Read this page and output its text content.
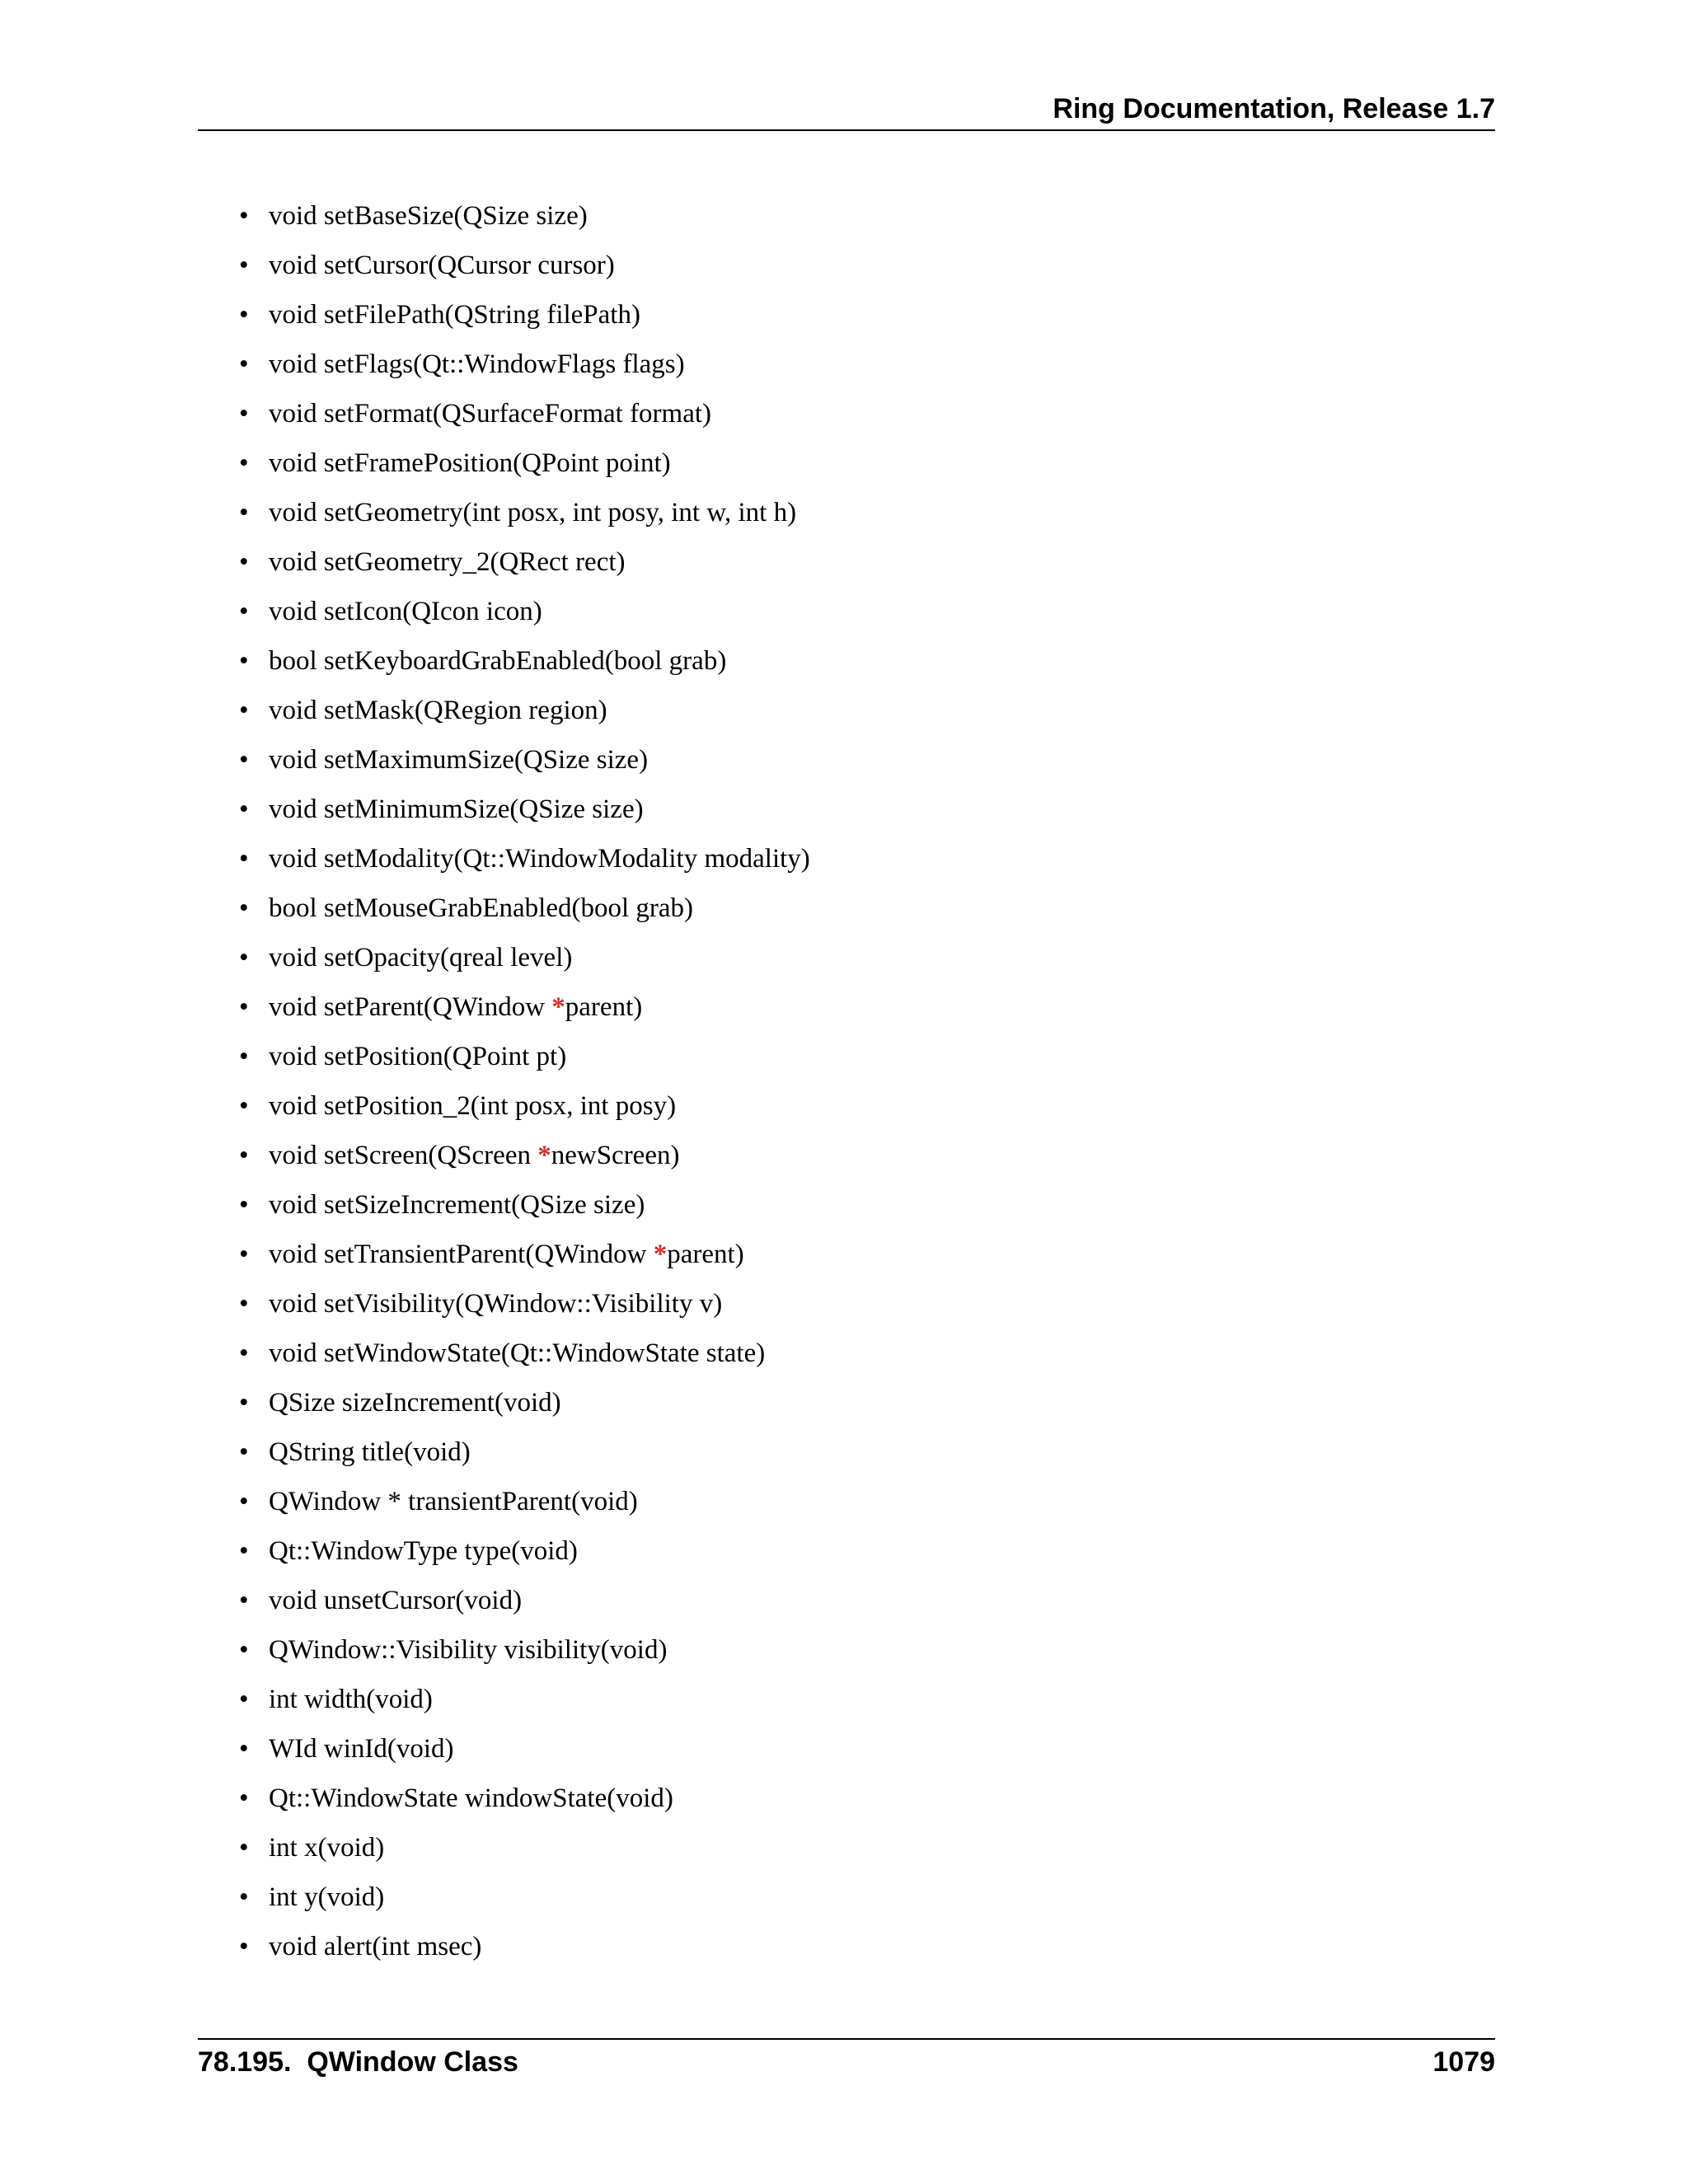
Ring Documentation, Release 1.7
• void setBaseSize(QSize size)
• void setCursor(QCursor cursor)
• void setFilePath(QString filePath)
• void setFlags(Qt::WindowFlags flags)
• void setFormat(QSurfaceFormat format)
• void setFramePosition(QPoint point)
• void setGeometry(int posx, int posy, int w, int h)
• void setGeometry_2(QRect rect)
• void setIcon(QIcon icon)
• bool setKeyboardGrabEnabled(bool grab)
• void setMask(QRegion region)
• void setMaximumSize(QSize size)
• void setMinimumSize(QSize size)
• void setModality(Qt::WindowModality modality)
• bool setMouseGrabEnabled(bool grab)
• void setOpacity(qreal level)
• void setParent(QWindow *parent)
• void setPosition(QPoint pt)
• void setPosition_2(int posx, int posy)
• void setScreen(QScreen *newScreen)
• void setSizeIncrement(QSize size)
• void setTransientParent(QWindow *parent)
• void setVisibility(QWindow::Visibility v)
• void setWindowState(Qt::WindowState state)
• QSize sizeIncrement(void)
• QString title(void)
• QWindow * transientParent(void)
• Qt::WindowType type(void)
• void unsetCursor(void)
• QWindow::Visibility visibility(void)
• int width(void)
• WId winId(void)
• Qt::WindowState windowState(void)
• int x(void)
• int y(void)
• void alert(int msec)
78.195.  QWindow Class	1079
